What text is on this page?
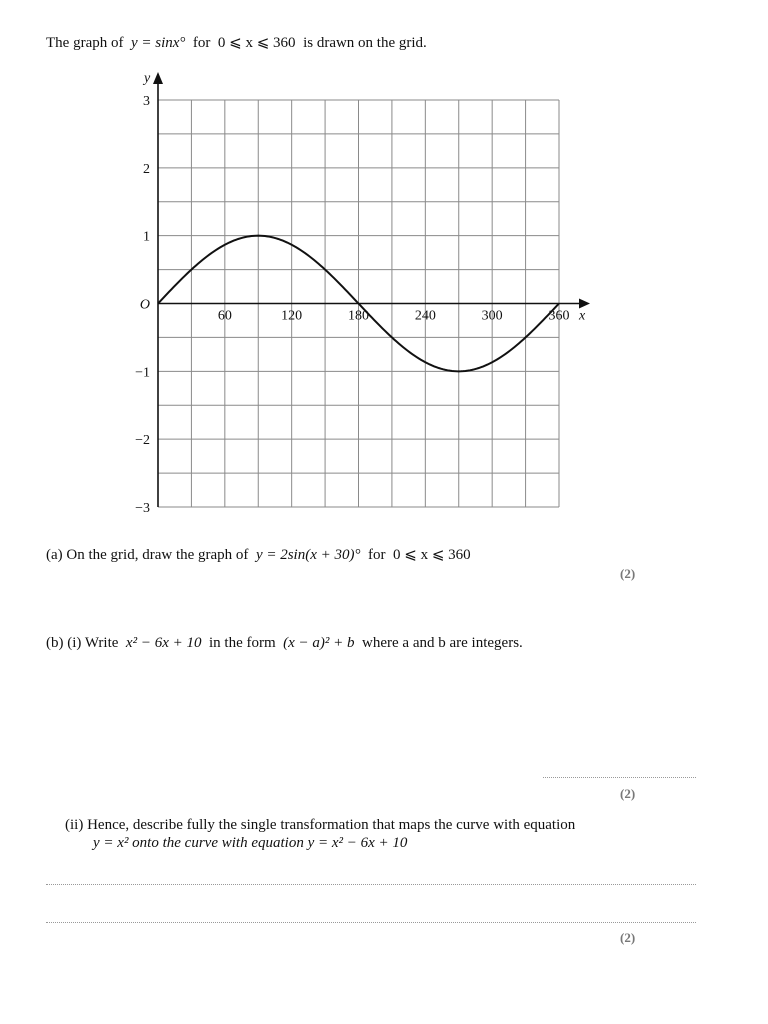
The graph of y = sinx° for 0 ⩽ x ⩽ 360 is drawn on the grid.
y
x
60	120	180	240	300	360
3
2
1
O
−1
−2
−3
(a) On the grid, draw the graph of y = 2sin(x + 30)° for 0 ⩽ x ⩽ 360
(2)
(b) (i) Write x² − 6x + 10 in the form (x − a)² + b where a and b are integers.
(2)
(ii) Hence, describe fully the single transformation that maps the curve with equation
y = x² onto the curve with equation y = x² − 6x + 10
(2)
